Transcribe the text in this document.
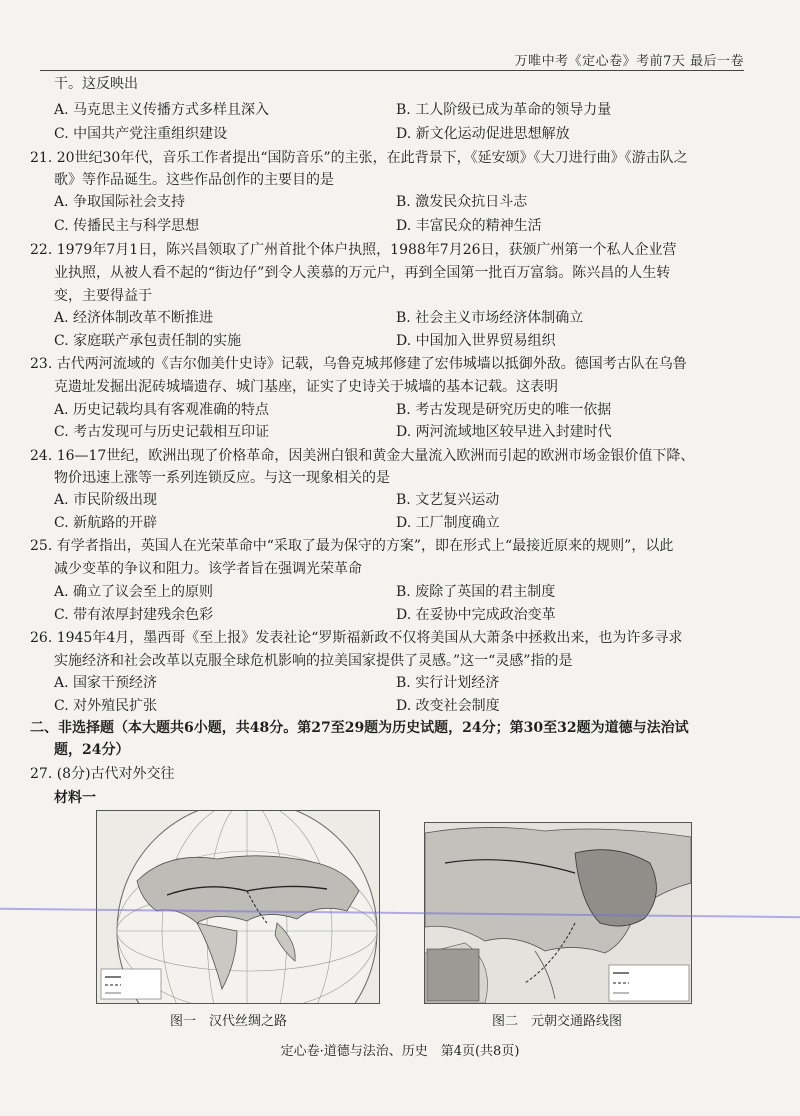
万唯中考《定心卷》考前7天 最后一卷
干。这反映出
A. 马克思主义传播方式多样且深入	B. 工人阶级已成为革命的领导力量
C. 中国共产党注重组织建设	D. 新文化运动促进思想解放
21. 20世纪30年代，音乐工作者提出“国防音乐”的主张，在此背景下，《延安颂》《大刀进行曲》《游击队之
歌》等作品诞生。这些作品创作的主要目的是
A. 争取国际社会支持	B. 激发民众抗日斗志
C. 传播民主与科学思想	D. 丰富民众的精神生活
22. 1979年7月1日，陈兴昌领取了广州首批个体户执照，1988年7月26日，获颁广州第一个私人企业营
业执照，从被人看不起的“街边仔”到令人羡慕的万元户，再到全国第一批百万富翁。陈兴昌的人生转
变，主要得益于
A. 经济体制改革不断推进	B. 社会主义市场经济体制确立
C. 家庭联产承包责任制的实施	D. 中国加入世界贸易组织
23. 古代两河流域的《吉尔伽美什史诗》记载，乌鲁克城邦修建了宏伟城墙以抵御外敌。德国考古队在乌鲁
克遗址发掘出泥砖城墙遗存、城门基座，证实了史诗关于城墙的基本记载。这表明
A. 历史记载均具有客观准确的特点	B. 考古发现是研究历史的唯一依据
C. 考古发现可与历史记载相互印证	D. 两河流域地区较早进入封建时代
24. 16—17世纪，欧洲出现了价格革命，因美洲白银和黄金大量流入欧洲而引起的欧洲市场金银价值下降、
物价迅速上涨等一系列连锁反应。与这一现象相关的是
A. 市民阶级出现	B. 文艺复兴运动
C. 新航路的开辟	D. 工厂制度确立
25. 有学者指出，英国人在光荣革命中“采取了最为保守的方案”，即在形式上“最接近原来的规则”，以此
减少变革的争议和阻力。该学者旨在强调光荣革命
A. 确立了议会至上的原则	B. 废除了英国的君主制度
C. 带有浓厚封建残余色彩	D. 在妥协中完成政治变革
26. 1945年4月，墨西哥《至上报》发表社论“罗斯福新政不仅将美国从大萧条中拯救出来，也为许多寻求
实施经济和社会改革以克服全球危机影响的拉美国家提供了灵感。”这一“灵感”指的是
A. 国家干预经济	B. 实行计划经济
C. 对外殖民扩张	D. 改变社会制度
二、非选择题（本大题共6小题，共48分。第27至29题为历史试题，24分；第30至32题为道德与法治试
题，24分）
27. (8分)古代对外交往
材料一
图一　汉代丝绸之路	图二　元朝交通路线图
定心卷·道德与法治、历史　第4页(共8页)
